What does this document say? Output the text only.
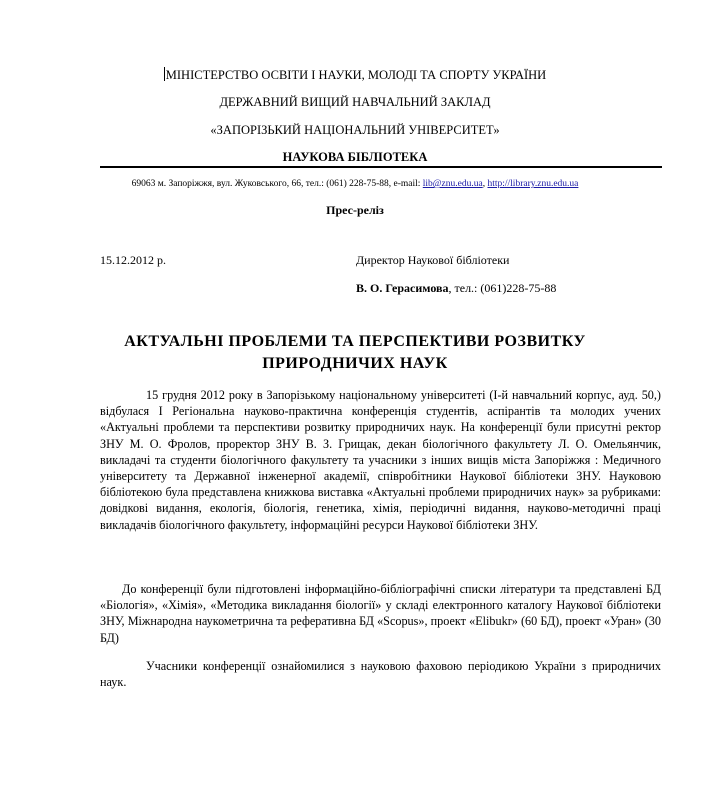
МІНІСТЕРСТВО ОСВІТИ І НАУКИ, МОЛОДІ ТА СПОРТУ УКРАЇНИ
ДЕРЖАВНИЙ ВИЩИЙ НАВЧАЛЬНИЙ ЗАКЛАД
«ЗАПОРІЗЬКИЙ НАЦІОНАЛЬНИЙ УНІВЕРСИТЕТ»
НАУКОВА БІБЛІОТЕКА
69063 м. Запоріжжя, вул. Жуковського, 66, тел.: (061) 228-75-88, e-mail: lib@znu.edu.ua, http://library.znu.edu.ua
Прес-реліз
15.12.2012 р.	Директор Наукової бібліотеки
В. О. Герасимова, тел.: (061)228-75-88
АКТУАЛЬНІ ПРОБЛЕМИ ТА ПЕРСПЕКТИВИ РОЗВИТКУ
ПРИРОДНИЧИХ НАУК
15 грудня 2012 року в Запорізькому національному університеті (І-й навчальний корпус, ауд. 50,) відбулася І Регіональна науково-практична конференція студентів, аспірантів та молодих учених «Актуальні проблеми та перспективи розвитку природничих наук. На конференції були присутні ректор ЗНУ М. О. Фролов, проректор ЗНУ В. З. Грищак, декан біологічного факультету Л. О. Омельянчик, викладачі та студенти біологічного факультету та учасники з інших вищів міста Запоріжжя : Медичного університету та Державної інженерної академії, співробітники Наукової бібліотеки ЗНУ. Науковою бібліотекою була представлена книжкова виставка «Актуальні проблеми природничих наук» за рубриками: довідкові видання, екологія, біологія, генетика, хімія, періодичні видання, науково-методичні праці викладачів біологічного факультету, інформаційні ресурси Наукової бібліотеки ЗНУ.
До конференції були підготовлені інформаційно-бібліографічні списки літератури та представлені БД «Біологія», «Хімія», «Методика викладання біології» у складі електронного каталогу Наукової бібліотеки ЗНУ, Міжнародна наукометрична та реферативна БД «Scopus», проект «Elibukr» (60 БД), проект «Уран» (30 БД)
Учасники конференції ознайомилися з науковою фаховою періодикою України з природничих наук.
